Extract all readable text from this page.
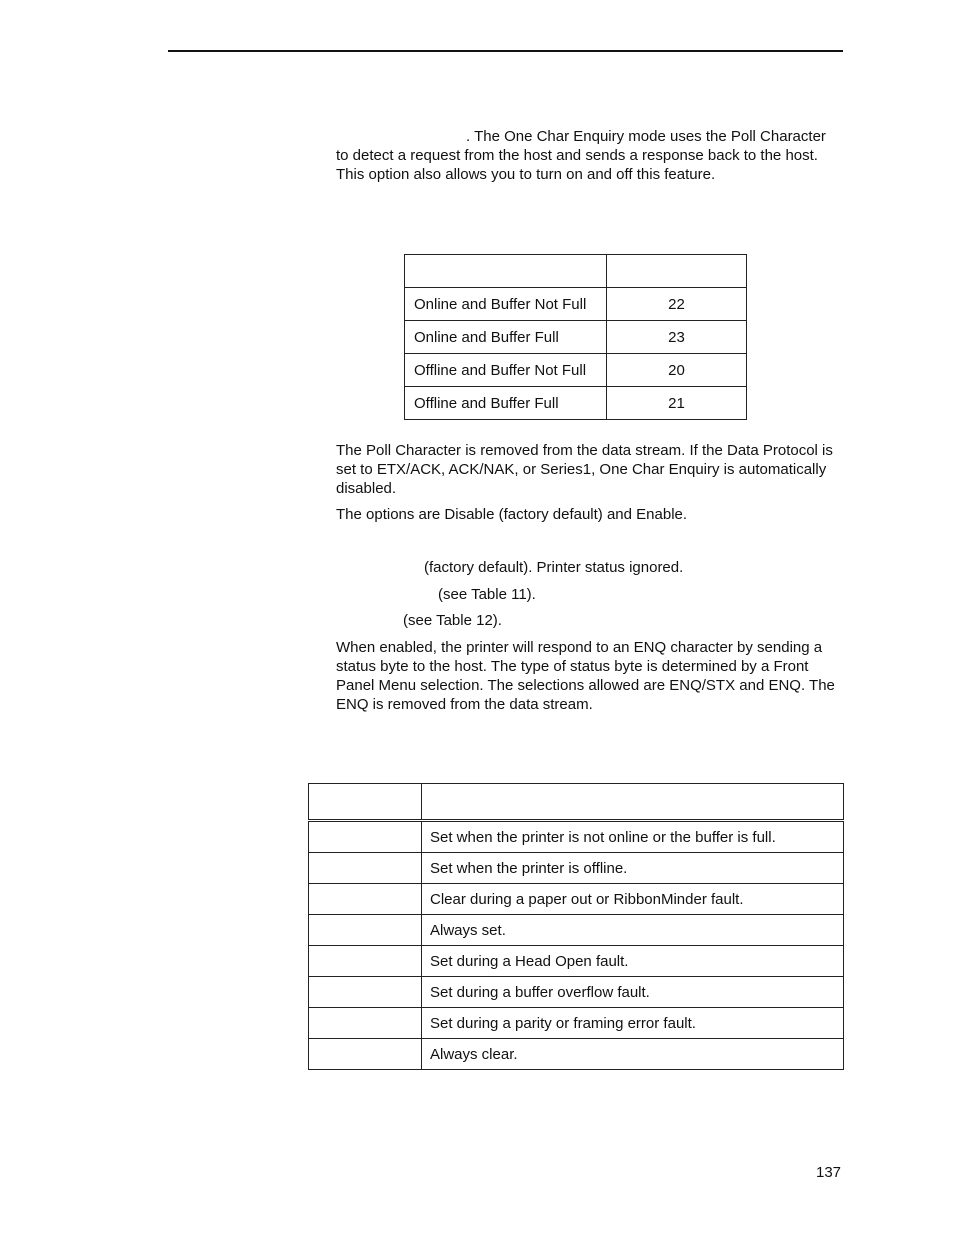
. The One Char Enquiry mode uses the Poll Character
to detect a request from the host and sends a response back to the host.
This option also allows you to turn on and off this feature.

Online and Buffer Not Full	22
Online and Buffer Full	23
Offline and Buffer Not Full	20
Offline and Buffer Full	21

The Poll Character is removed from the data stream. If the Data Protocol is set to ETX/ACK, ACK/NAK, or Series1, One Char Enquiry is automatically disabled.

The options are Disable (factory default) and Enable.

(factory default). Printer status ignored.

(see Table 11).

(see Table 12).

When enabled, the printer will respond to an ENQ character by sending a status byte to the host. The type of status byte is determined by a Front Panel Menu selection. The selections allowed are ENQ/STX and ENQ. The ENQ is removed from the data stream.

	Set when the printer is not online or the buffer is full.
	Set when the printer is offline.
	Clear during a paper out or RibbonMinder fault.
	Always set.
	Set during a Head Open fault.
	Set during a buffer overflow fault.
	Set during a parity or framing error fault.
	Always clear.

137
